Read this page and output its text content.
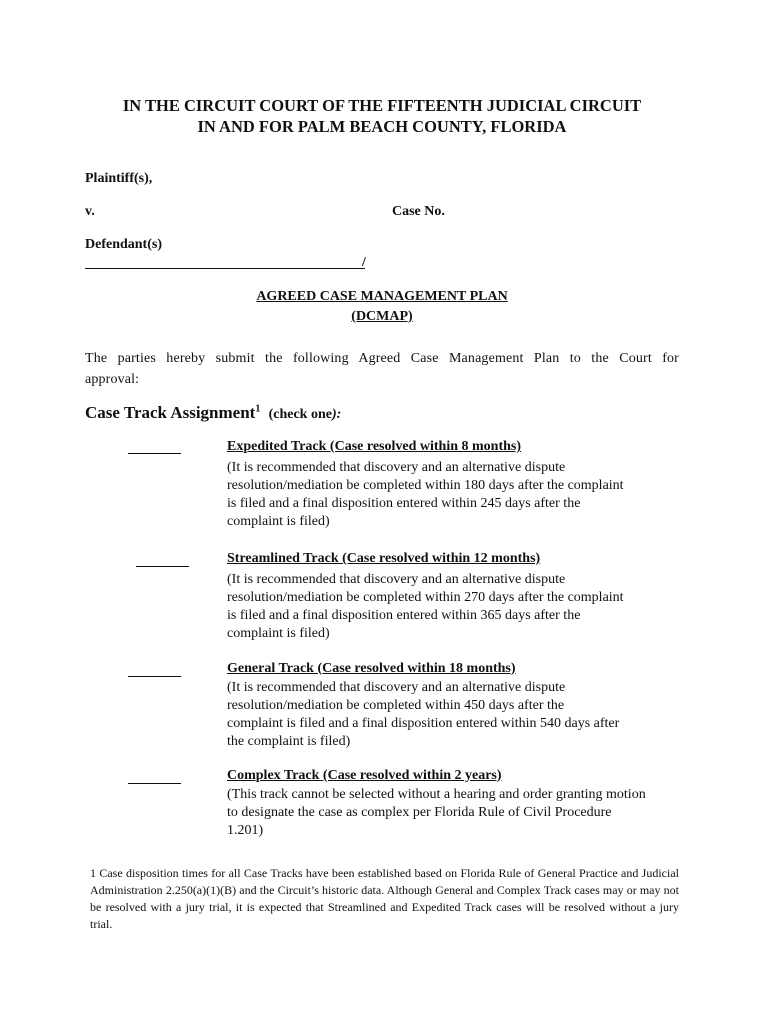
IN THE CIRCUIT COURT OF THE FIFTEENTH JUDICIAL CIRCUIT
IN AND FOR PALM BEACH COUNTY, FLORIDA
Plaintiff(s),
v.	Case No.
Defendant(s)
/
AGREED CASE MANAGEMENT PLAN
(DCMAP)
The parties hereby submit the following Agreed Case Management Plan to the Court for approval:
Case Track Assignment$^1$ (check one):
Expedited Track (Case resolved within 8 months)
(It is recommended that discovery and an alternative dispute
resolution/mediation be completed within 180 days after the complaint
is filed and a final disposition entered within 245 days after the
complaint is filed)
Streamlined Track (Case resolved within 12 months)
(It is recommended that discovery and an alternative dispute
resolution/mediation be completed within 270 days after the complaint
is filed and a final disposition entered within 365 days after the
complaint is filed)
General Track (Case resolved within 18 months)
(It is recommended that discovery and an alternative dispute
resolution/mediation be completed within 450 days after the
complaint is filed and a final disposition entered within 540 days after
the complaint is filed)
Complex Track (Case resolved within 2 years)
(This track cannot be selected without a hearing and order granting motion
to designate the case as complex per Florida Rule of Civil Procedure
1.201)
1 Case disposition times for all Case Tracks have been established based on Florida Rule of General Practice and Judicial Administration 2.250(a)(1)(B) and the Circuit’s historic data. Although General and Complex Track cases may or may not be resolved with a jury trial, it is expected that Streamlined and Expedited Track cases will be resolved without a jury trial.
